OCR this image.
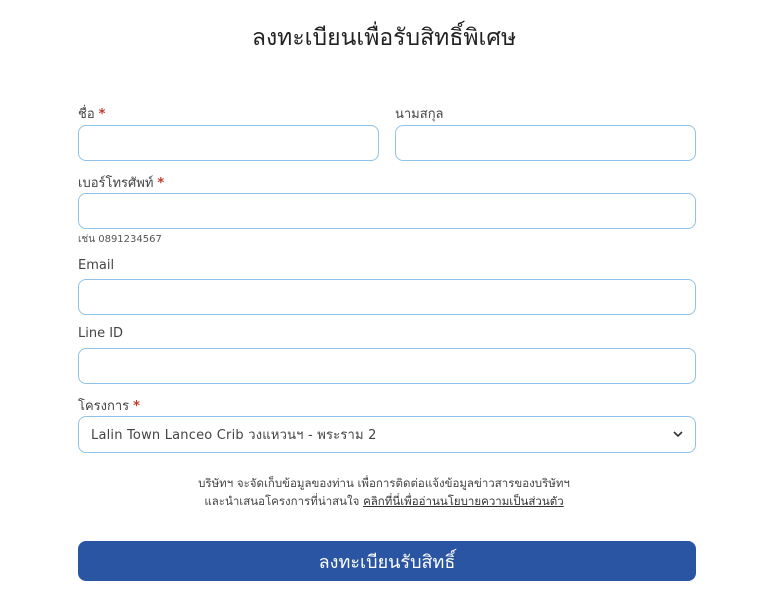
ลงทะเบียนเพื่อรับสิทธิ์พิเศษ
ชื่อ *	นามสกุล
เบอร์โทรศัพท์ *
เช่น 0891234567
Email
Line ID
โครงการ *
Lalin Town Lanceo Crib วงแหวนฯ - พระราม 2
บริษัทฯ จะจัดเก็บข้อมูลของท่าน เพื่อการติดต่อแจ้งข้อมูลข่าวสารของบริษัทฯ
และนำเสนอโครงการที่น่าสนใจ คลิกที่นี่เพื่ออ่านนโยบายความเป็นส่วนตัว
ลงทะเบียนรับสิทธิ์
